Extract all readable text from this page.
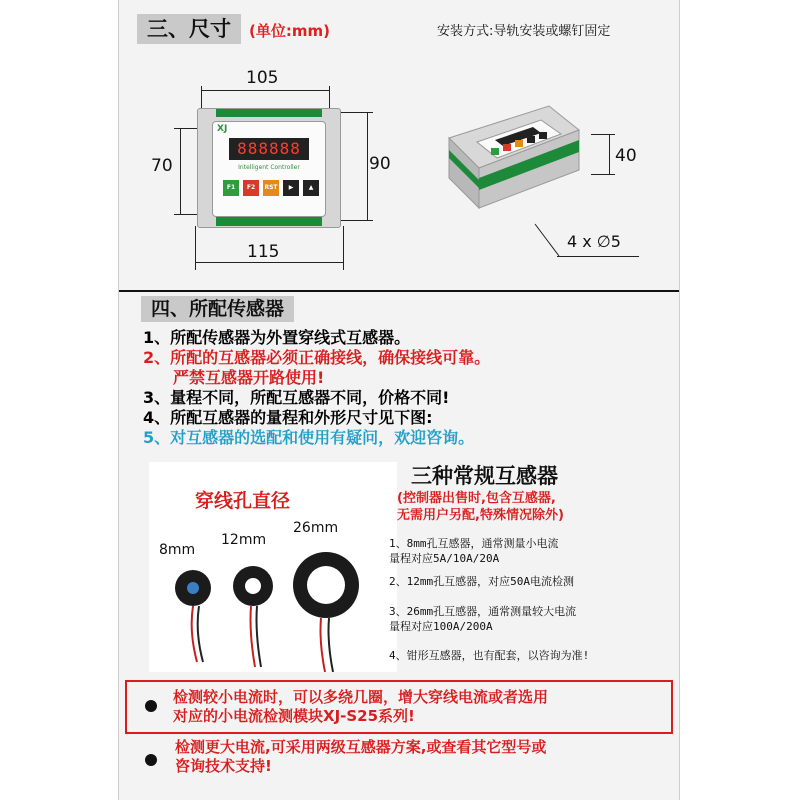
三、尺寸	(单位:mm)	安装方式:导轨安装或螺钉固定
105
70	90
115
XJ
888888
Intelligent Controller
F1	F2	RST	▶	▲
40
4 x ∅5
四、所配传感器
1、所配传感器为外置穿线式互感器。
2、所配的互感器必须正确接线，确保接线可靠。
严禁互感器开路使用!
3、量程不同，所配互感器不同，价格不同!
4、所配互感器的量程和外形尺寸见下图:
5、对互感器的选配和使用有疑问，欢迎咨询。
穿线孔直径
8mm
12mm
26mm
三种常规互感器
(控制器出售时,包含互感器,
无需用户另配,特殊情况除外)
1、8mm孔互感器，通常测量小电流
量程对应5A/10A/20A
2、12mm孔互感器，对应50A电流检测
3、26mm孔互感器，通常测量较大电流
量程对应100A/200A
4、钳形互感器，也有配套，以咨询为准!
检测较小电流时，可以多绕几圈，增大穿线电流或者选用
对应的小电流检测模块XJ-S25系列!
检测更大电流,可采用两级互感器方案,或查看其它型号或
咨询技术支持!
